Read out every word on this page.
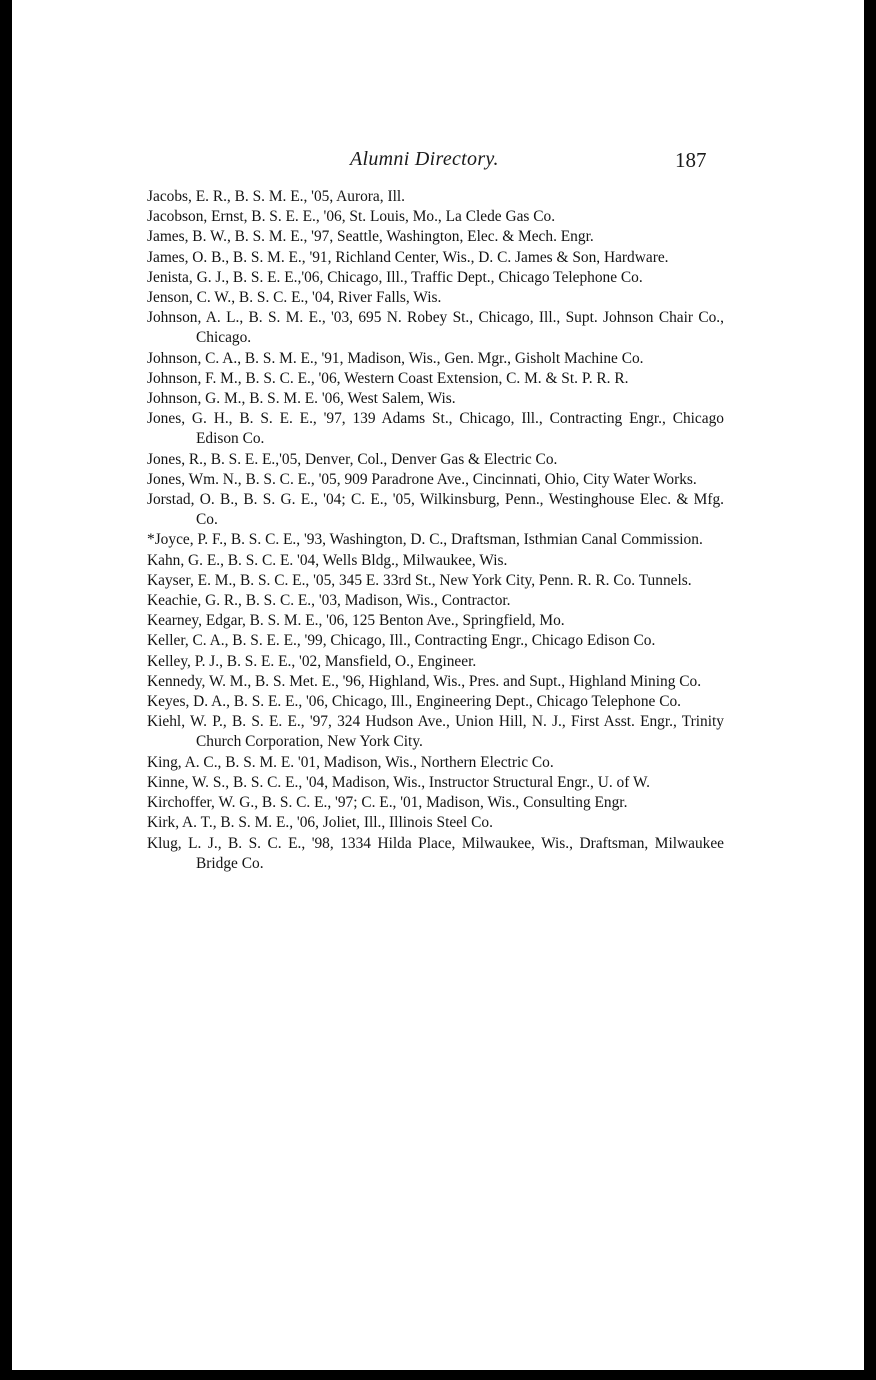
Alumni Directory.	187

Jacobs, E. R., B. S. M. E., '05, Aurora, Ill.

Jacobson, Ernst, B. S. E. E., '06, St. Louis, Mo., La Clede Gas Co.

James, B. W., B. S. M. E., '97, Seattle, Washington, Elec. & Mech. Engr.

James, O. B., B. S. M. E., '91, Richland Center, Wis., D. C. James & Son, Hardware.

Jenista, G. J., B. S. E. E.,'06, Chicago, Ill., Traffic Dept., Chicago Telephone Co.

Jenson, C. W., B. S. C. E., '04, River Falls, Wis.

Johnson, A. L., B. S. M. E., '03, 695 N. Robey St., Chicago, Ill., Supt. Johnson Chair Co., Chicago.

Johnson, C. A., B. S. M. E., '91, Madison, Wis., Gen. Mgr., Gisholt Machine Co.

Johnson, F. M., B. S. C. E., '06, Western Coast Extension, C. M. & St. P. R. R.

Johnson, G. M., B. S. M. E. '06, West Salem, Wis.

Jones, G. H., B. S. E. E., '97, 139 Adams St., Chicago, Ill., Contracting Engr., Chicago Edison Co.

Jones, R., B. S. E. E.,'05, Denver, Col., Denver Gas & Electric Co.

Jones, Wm. N., B. S. C. E., '05, 909 Paradrone Ave., Cincinnati, Ohio, City Water Works.

Jorstad, O. B., B. S. G. E., '04; C. E., '05, Wilkinsburg, Penn., Westinghouse Elec. & Mfg. Co.

*Joyce, P. F., B. S. C. E., '93, Washington, D. C., Draftsman, Isthmian Canal Commission.

Kahn, G. E., B. S. C. E. '04, Wells Bldg., Milwaukee, Wis.

Kayser, E. M., B. S. C. E., '05, 345 E. 33rd St., New York City, Penn. R. R. Co. Tunnels.

Keachie, G. R., B. S. C. E., '03, Madison, Wis., Contractor.

Kearney, Edgar, B. S. M. E., '06, 125 Benton Ave., Springfield, Mo.

Keller, C. A., B. S. E. E., '99, Chicago, Ill., Contracting Engr., Chicago Edison Co.

Kelley, P. J., B. S. E. E., '02, Mansfield, O., Engineer.

Kennedy, W. M., B. S. Met. E., '96, Highland, Wis., Pres. and Supt., Highland Mining Co.

Keyes, D. A., B. S. E. E., '06, Chicago, Ill., Engineering Dept., Chicago Telephone Co.

Kiehl, W. P., B. S. E. E., '97, 324 Hudson Ave., Union Hill, N. J., First Asst. Engr., Trinity Church Corporation, New York City.

King, A. C., B. S. M. E. '01, Madison, Wis., Northern Electric Co.

Kinne, W. S., B. S. C. E., '04, Madison, Wis., Instructor Structural Engr., U. of W.

Kirchoffer, W. G., B. S. C. E., '97; C. E., '01, Madison, Wis., Consulting Engr.

Kirk, A. T., B. S. M. E., '06, Joliet, Ill., Illinois Steel Co.

Klug, L. J., B. S. C. E., '98, 1334 Hilda Place, Milwaukee, Wis., Draftsman, Milwaukee Bridge Co.
